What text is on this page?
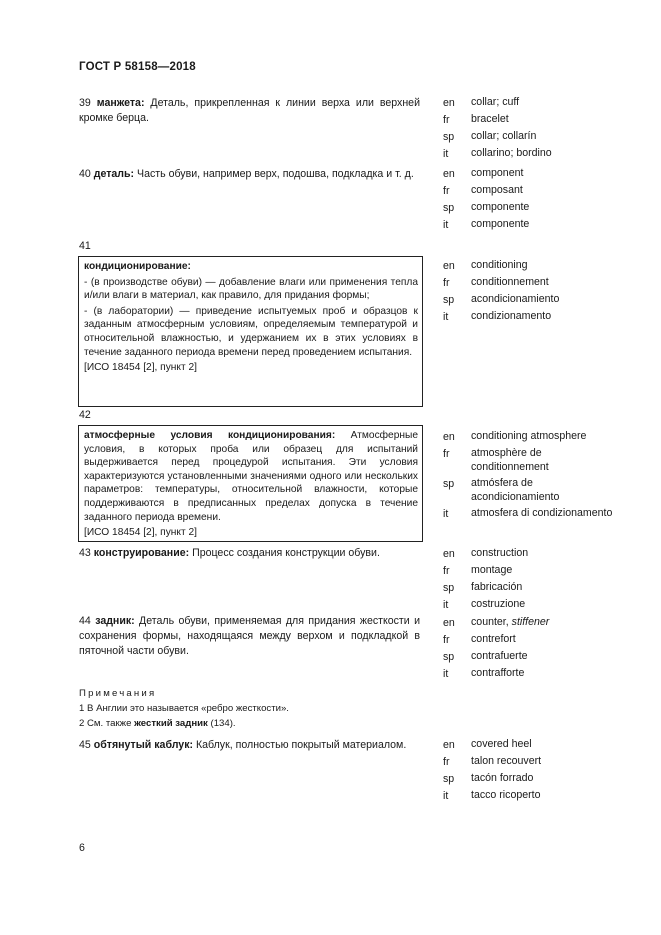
ГОСТ Р 58158—2018
39 манжета: Деталь, прикрепленная к линии верха или верхней кромке берца.
en collar; cuff
fr bracelet
sp collar; collarín
it collarino; bordino
40 деталь: Часть обуви, например верх, подошва, подкладка и т. д.	en component
fr composant
sp componente
it componente
41

кондиционирование:

- (в производстве обуви) — добавление влаги или применения тепла и/или влаги в материал, как правило, для придания формы;

- (в лаборатории) — приведение испытуемых проб и образцов к заданным атмосферным условиям, определяемым температурой и относительной влажностью, и удержанием их в этих условиях в течение заданного периода времени перед проведением испытания.

[ИСО 18454 [2], пункт 2]

en conditioning
fr conditionnement
sp acondicionamiento
it condizionamento
42

атмосферные условия кондиционирования: Атмосферные условия, в которых проба или образец для испытаний выдерживается перед процедурой испытания. Эти условия характеризуются установленными значениями одного или нескольких параметров: температуры, относительной влажности, которые поддерживаются в предписанных пределах допуска в течение заданного периода времени.

[ИСО 18454 [2], пункт 2]

en conditioning atmosphere
fr atmosphère de conditionnement
sp atmósfera de acondicionamiento
it atmosfera di condizionamento
43 конструирование: Процесс создания конструкции обуви.	en construction
fr montage
sp fabricación
it costruzione
44 задник: Деталь обуви, применяемая для придания жесткости и сохранения формы, находящаяся между верхом и подкладкой в пяточной части обуви.
en counter, stiffener
fr contrefort
sp contrafuerte
it contrafforte
Примечания
1 В Англии это называется «ребро жесткости».
2 См. также жесткий задник (134).
45 обтянутый каблук: Каблук, полностью покрытый материалом.	en covered heel
fr talon recouvert
sp tacón forrado
it tacco ricoperto
6
